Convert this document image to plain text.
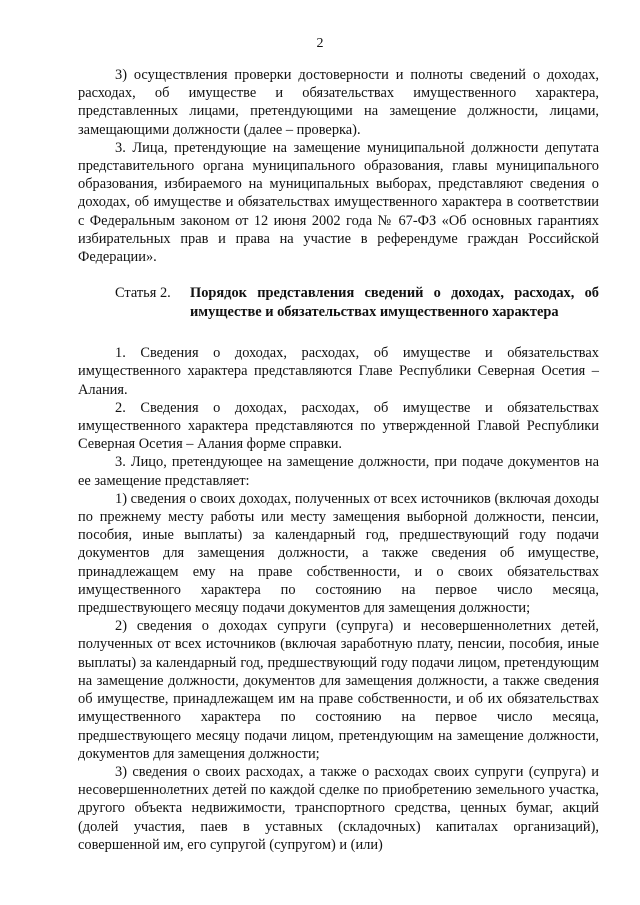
2

3) осуществления проверки достоверности и полноты сведений о доходах, расходах, об имуществе и обязательствах имущественного характера, представленных лицами, претендующими на замещение должности, лицами, замещающими должности (далее – проверка).

3. Лица, претендующие на замещение муниципальной должности депутата представительного органа муниципального образования, главы муниципального образования, избираемого на муниципальных выборах, представляют сведения о доходах, об имуществе и обязательствах имущественного характера в соответствии с Федеральным законом от 12 июня 2002 года № 67-ФЗ «Об основных гарантиях избирательных прав и права на участие в референдуме граждан Российской Федерации».

Статья 2.	Порядок представления сведений о доходах, расходах, об имуществе и обязательствах имущественного характера

1. Сведения о доходах, расходах, об имуществе и обязательствах имущественного характера представляются Главе Республики Северная Осетия – Алания.

2. Сведения о доходах, расходах, об имуществе и обязательствах имущественного характера представляются по утвержденной Главой Республики Северная Осетия – Алания форме справки.

3. Лицо, претендующее на замещение должности, при подаче документов на ее замещение представляет:

1) сведения о своих доходах, полученных от всех источников (включая доходы по прежнему месту работы или месту замещения выборной должности, пенсии, пособия, иные выплаты) за календарный год, предшествующий году подачи документов для замещения должности, а также сведения об имуществе, принадлежащем ему на праве собственности, и о своих обязательствах имущественного характера по состоянию на первое число месяца, предшествующего месяцу подачи документов для замещения должности;

2) сведения о доходах супруги (супруга) и несовершеннолетних детей, полученных от всех источников (включая заработную плату, пенсии, пособия, иные выплаты) за календарный год, предшествующий году подачи лицом, претендующим на замещение должности, документов для замещения должности, а также сведения об имуществе, принадлежащем им на праве собственности, и об их обязательствах имущественного характера по состоянию на первое число месяца, предшествующего месяцу подачи лицом, претендующим на замещение должности, документов для замещения должности;

3) сведения о своих расходах, а также о расходах своих супруги (супруга) и несовершеннолетних детей по каждой сделке по приобретению земельного участка, другого объекта недвижимости, транспортного средства, ценных бумаг, акций (долей участия, паев в уставных (складочных) капиталах организаций), совершенной им, его супругой (супругом) и (или)
